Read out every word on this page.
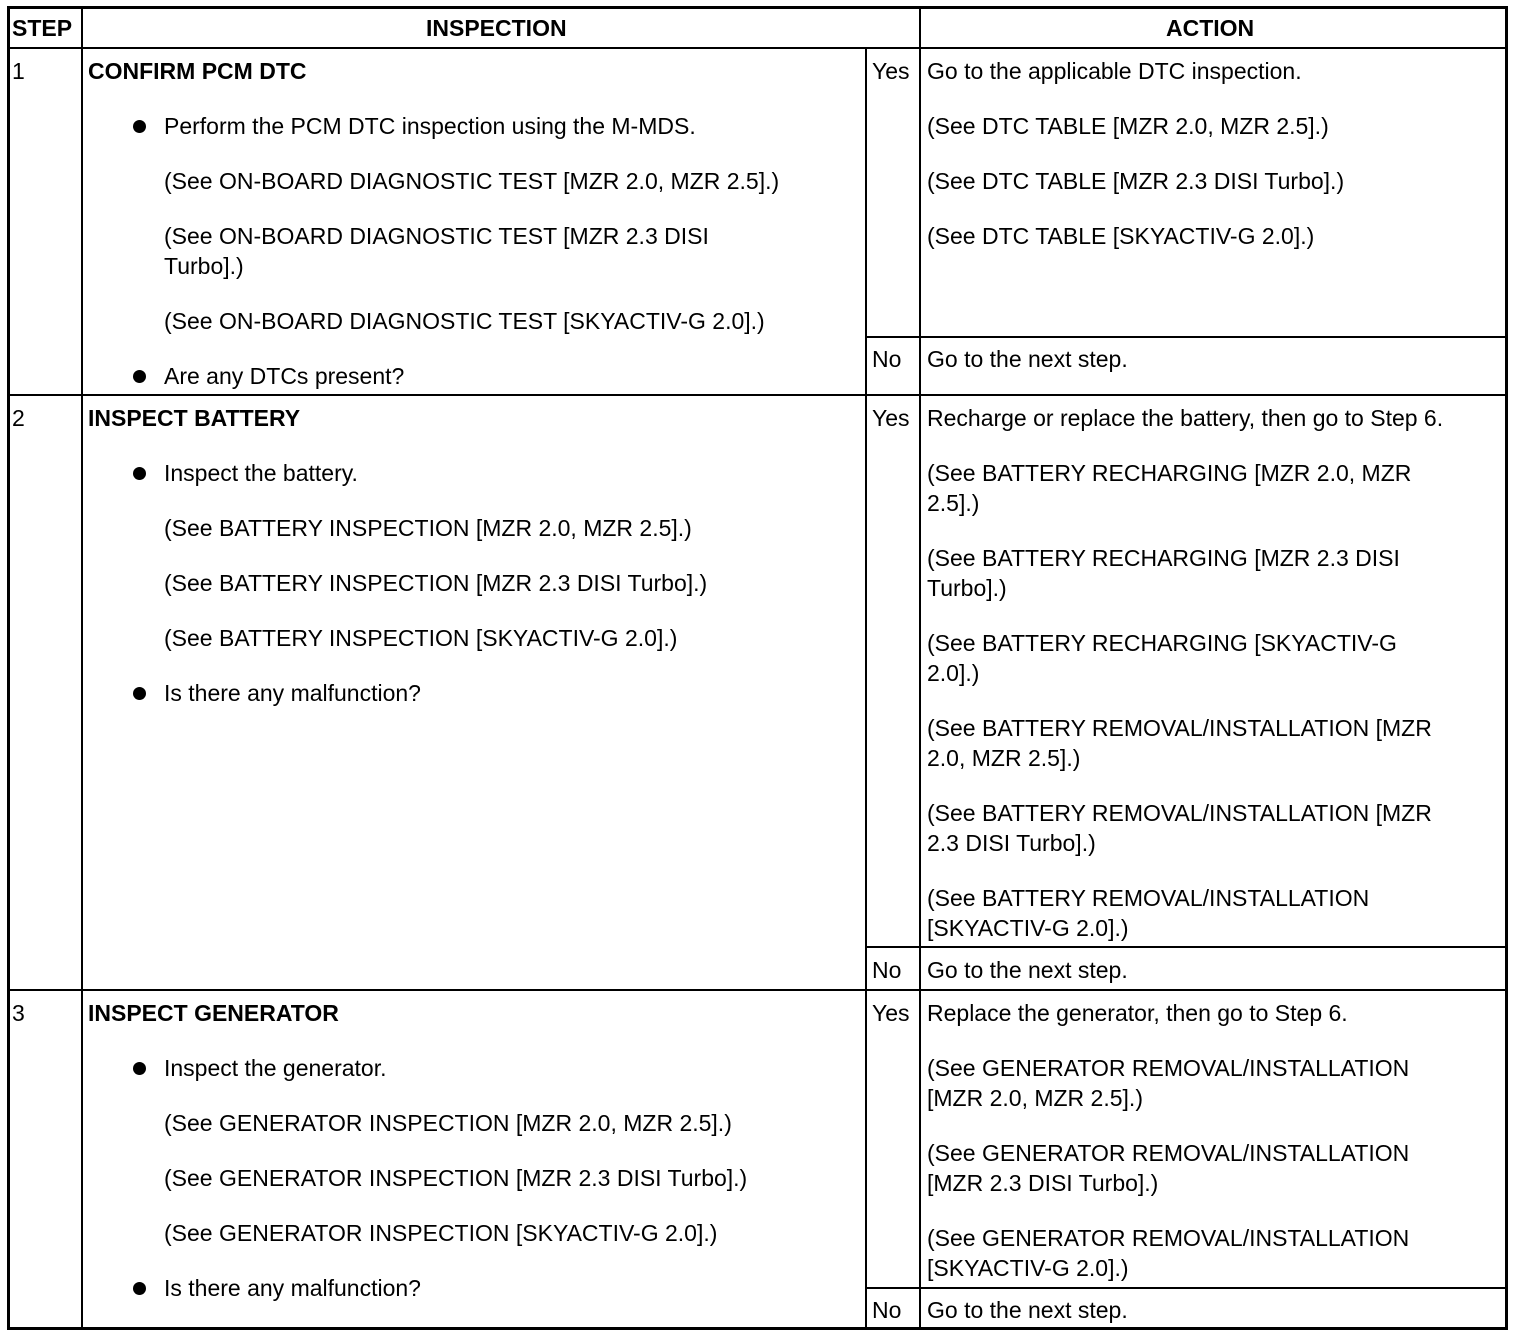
STEP	INSPECTION	ACTION
1	CONFIRM PCM DTC
Perform the PCM DTC inspection using the M-MDS.
(See ON-BOARD DIAGNOSTIC TEST [MZR 2.0, MZR 2.5].)
(See ON-BOARD DIAGNOSTIC TEST [MZR 2.3 DISI
Turbo].)
(See ON-BOARD DIAGNOSTIC TEST [SKYACTIV-G 2.0].)
Are any DTCs present?
Yes Go to the applicable DTC inspection.
(See DTC TABLE [MZR 2.0, MZR 2.5].)
(See DTC TABLE [MZR 2.3 DISI Turbo].)
(See DTC TABLE [SKYACTIV-G 2.0].)
No Go to the next step.
2	INSPECT BATTERY
Inspect the battery.
(See BATTERY INSPECTION [MZR 2.0, MZR 2.5].)
(See BATTERY INSPECTION [MZR 2.3 DISI Turbo].)
(See BATTERY INSPECTION [SKYACTIV-G 2.0].)
Is there any malfunction?
Yes Recharge or replace the battery, then go to Step 6.
(See BATTERY RECHARGING [MZR 2.0, MZR
2.5].)
(See BATTERY RECHARGING [MZR 2.3 DISI
Turbo].)
(See BATTERY RECHARGING [SKYACTIV-G
2.0].)
(See BATTERY REMOVAL/INSTALLATION [MZR
2.0, MZR 2.5].)
(See BATTERY REMOVAL/INSTALLATION [MZR
2.3 DISI Turbo].)
(See BATTERY REMOVAL/INSTALLATION
[SKYACTIV-G 2.0].)
No Go to the next step.
3	INSPECT GENERATOR
Inspect the generator.
(See GENERATOR INSPECTION [MZR 2.0, MZR 2.5].)
(See GENERATOR INSPECTION [MZR 2.3 DISI Turbo].)
(See GENERATOR INSPECTION [SKYACTIV-G 2.0].)
Is there any malfunction?
Yes Replace the generator, then go to Step 6.
(See GENERATOR REMOVAL/INSTALLATION
[MZR 2.0, MZR 2.5].)
(See GENERATOR REMOVAL/INSTALLATION
[MZR 2.3 DISI Turbo].)
(See GENERATOR REMOVAL/INSTALLATION
[SKYACTIV-G 2.0].)
No Go to the next step.
